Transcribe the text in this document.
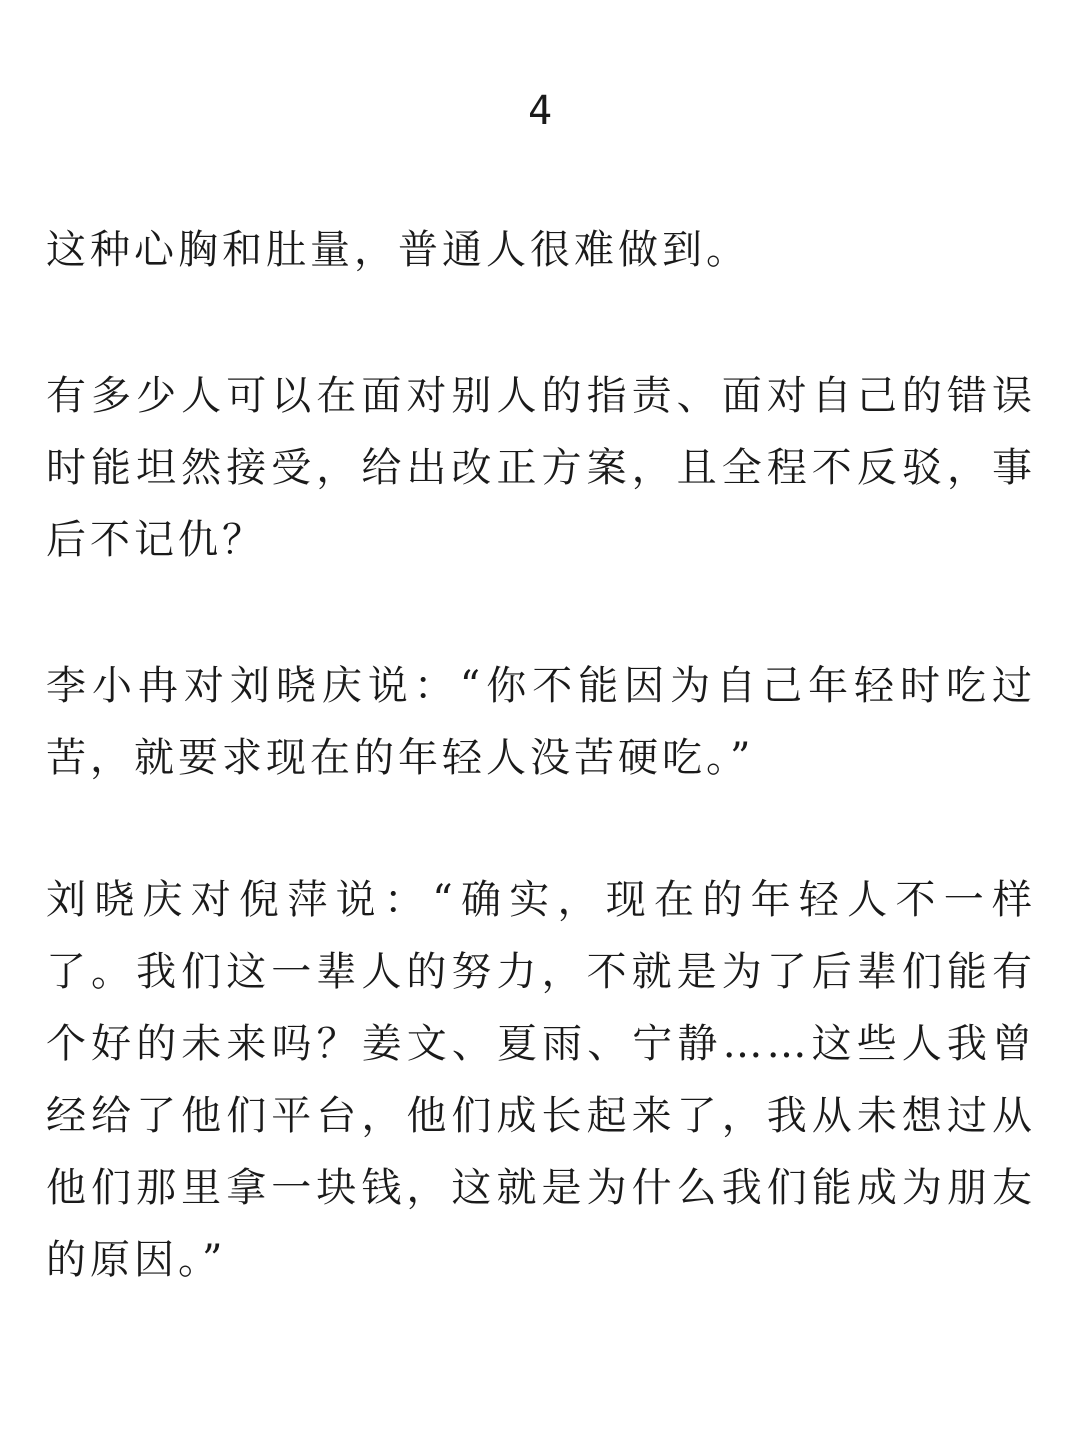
4

这种心胸和肚量，普通人很难做到。

有多少人可以在面对别人的指责、面对自己的错误时能坦然接受，给出改正方案，且全程不反驳，事后不记仇？

李小冉对刘晓庆说：“你不能因为自己年轻时吃过苦，就要求现在的年轻人没苦硬吃。”

刘晓庆对倪萍说：“确实，现在的年轻人不一样了。我们这一辈人的努力，不就是为了后辈们能有个好的未来吗？姜文、夏雨、宁静……这些人我曾经给了他们平台，他们成长起来了，我从未想过从他们那里拿一块钱，这就是为什么我们能成为朋友的原因。”
